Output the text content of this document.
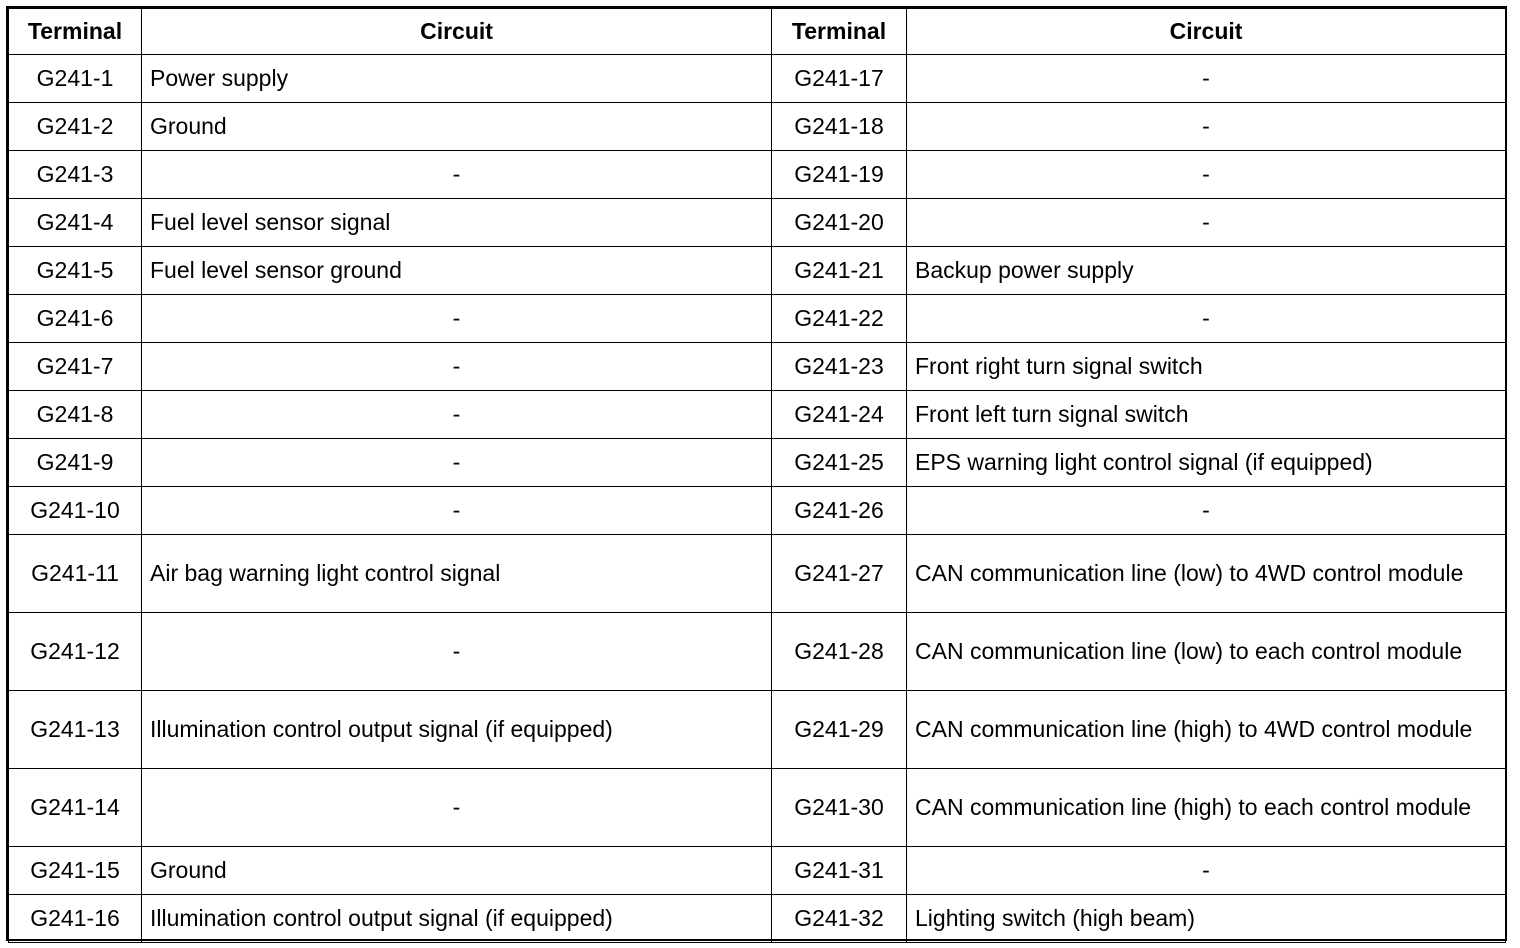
Terminal	Circuit	Terminal	Circuit
G241-1	Power supply	G241-17	-
G241-2	Ground	G241-18	-
G241-3	-	G241-19	-
G241-4	Fuel level sensor signal	G241-20	-
G241-5	Fuel level sensor ground	G241-21	Backup power supply
G241-6	-	G241-22	-
G241-7	-	G241-23	Front right turn signal switch
G241-8	-	G241-24	Front left turn signal switch
G241-9	-	G241-25	EPS warning light control signal (if equipped)
G241-10	-	G241-26	-
G241-11	Air bag warning light control signal	G241-27	CAN communication line (low) to 4WD control module
G241-12	-	G241-28	CAN communication line (low) to each control module
G241-13	Illumination control output signal (if equipped)	G241-29	CAN communication line (high) to 4WD control module
G241-14	-	G241-30	CAN communication line (high) to each control module
G241-15	Ground	G241-31	-
G241-16	Illumination control output signal (if equipped)	G241-32	Lighting switch (high beam)
